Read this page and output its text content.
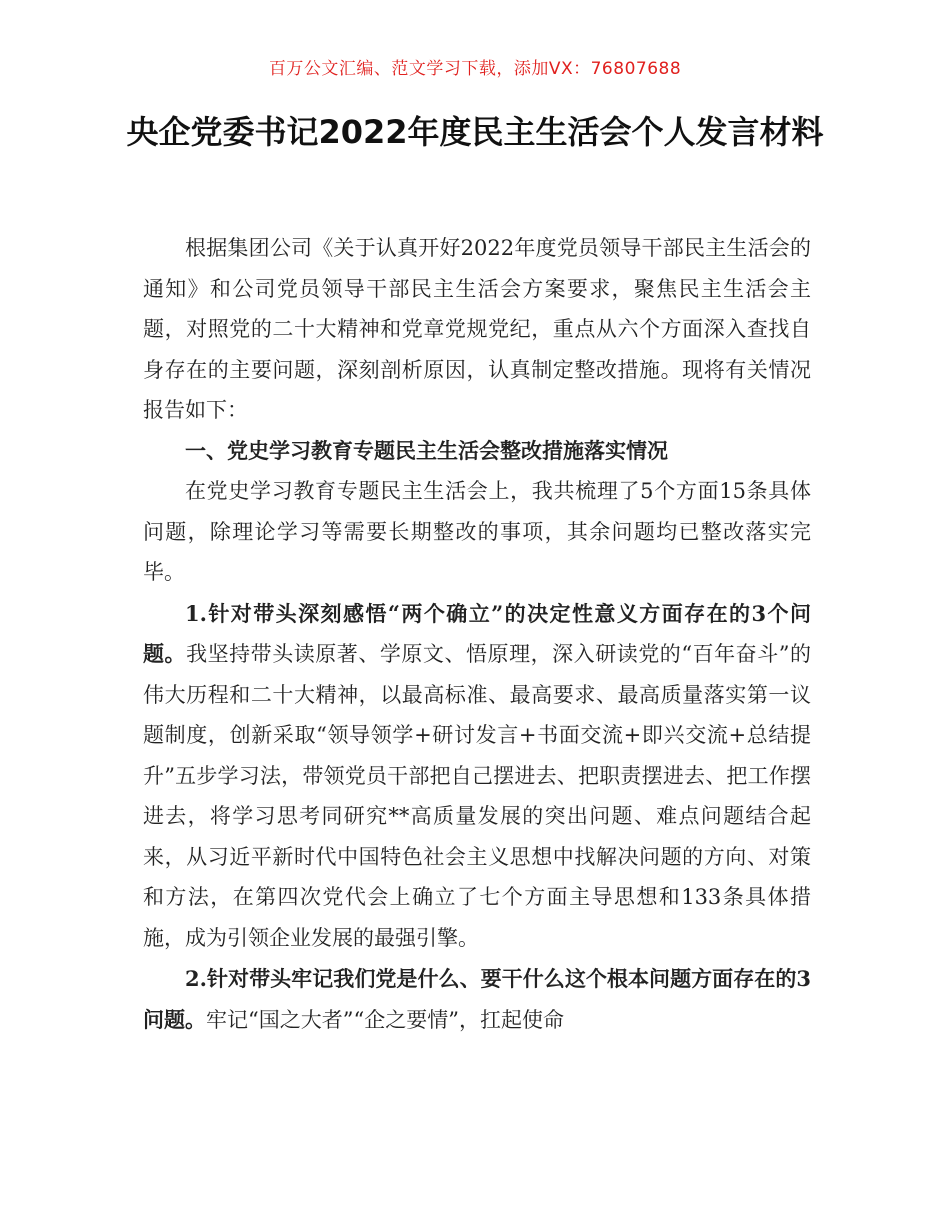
百万公文汇编、范文学习下载，添加VX：76807688
央企党委书记2022年度民主生活会个人发言材料

根据集团公司《关于认真开好2022年度党员领导干部民主生活会的通知》和公司党员领导干部民主生活会方案要求，聚焦民主生活会主题，对照党的二十大精神和党章党规党纪，重点从六个方面深入查找自身存在的主要问题，深刻剖析原因，认真制定整改措施。现将有关情况报告如下：

一、党史学习教育专题民主生活会整改措施落实情况

在党史学习教育专题民主生活会上，我共梳理了5个方面15条具体问题，除理论学习等需要长期整改的事项，其余问题均已整改落实完毕。

1.针对带头深刻感悟“两个确立”的决定性意义方面存在的3个问题。我坚持带头读原著、学原文、悟原理，深入研读党的“百年奋斗”的伟大历程和二十大精神，以最高标准、最高要求、最高质量落实第一议题制度，创新采取“领导领学+研讨发言+书面交流+即兴交流+总结提升”五步学习法，带领党员干部把自己摆进去、把职责摆进去、把工作摆进去，将学习思考同研究**高质量发展的突出问题、难点问题结合起来，从习近平新时代中国特色社会主义思想中找解决问题的方向、对策和方法，在第四次党代会上确立了七个方面主导思想和133条具体措施，成为引领企业发展的最强引擎。

2.针对带头牢记我们党是什么、要干什么这个根本问题方面存在的3问题。牢记“国之大者”“企之要情”，扛起使命
